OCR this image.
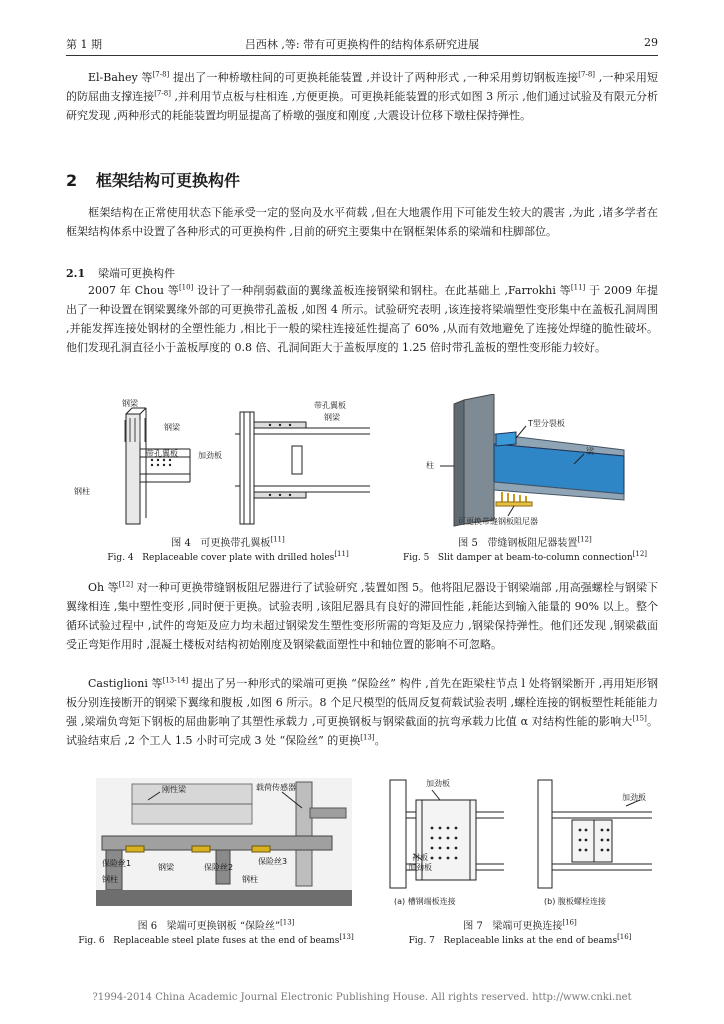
第 1 期	吕西林 ,等: 带有可更换构件的结构体系研究进展	29

El-Bahey 等[7-8] 提出了一种桥墩柱间的可更换耗能装置 ,并设计了两种形式 ,一种采用剪切钢板连接[7-8] ,一种采用短的防屈曲支撑连接[7-8] ,并利用节点板与柱相连 ,方便更换。可更换耗能装置的形式如图 3 所示 ,他们通过试验及有限元分析研究发现 ,两种形式的耗能装置均明显提高了桥墩的强度和刚度 ,大震设计位移下墩柱保持弹性。

2 框架结构可更换构件

框架结构在正常使用状态下能承受一定的竖向及水平荷载 ,但在大地震作用下可能发生较大的震害 ,为此 ,诸多学者在框架结构体系中设置了各种形式的可更换构件 ,目前的研究主要集中在钢框架体系的梁端和柱脚部位。

2.1 梁端可更换构件

2007 年 Chou 等[10] 设计了一种削弱截面的翼缘盖板连接钢梁和钢柱。在此基础上 ,Farrokhi 等[11] 于 2009 年提出了一种设置在钢梁翼缘外部的可更换带孔盖板 ,如图 4 所示。试验研究表明 ,该连接将梁端塑性变形集中在盖板孔洞周围 ,并能发挥连接处钢材的全塑性能力 ,相比于一般的梁柱连接延性提高了 60% ,从而有效地避免了连接处焊缝的脆性破坏。他们发现孔洞直径小于盖板厚度的 0.8 倍、孔洞间距大于盖板厚度的 1.25 倍时带孔盖板的塑性变形能力较好。

钢梁
钢梁
带孔翼板
钢柱
带孔翼板
钢梁
加劲板
T型分裂板
梁
柱
可更换带缝钢板阻尼器
图 4 可更换带孔翼板[11]
Fig. 4 Replaceable cover plate with drilled holes[11]
图 5 带缝钢板阻尼器装置[12]
Fig. 5 Slit damper at beam-to-column connection[12]

Oh 等[12] 对一种可更换带缝钢板阻尼器进行了试验研究 ,装置如图 5。他将阻尼器设于钢梁端部 ,用高强螺栓与钢梁下翼缘相连 ,集中塑性变形 ,同时便于更换。试验表明 ,该阻尼器具有良好的滞回性能 ,耗能达到输入能量的 90% 以上。整个循环试验过程中 ,试件的弯矩及应力均未超过钢梁发生塑性变形所需的弯矩及应力 ,钢梁保持弹性。他们还发现 ,钢梁截面受正弯矩作用时 ,混凝土楼板对结构初始刚度及钢梁截面塑性中和轴位置的影响不可忽略。

Castiglioni 等[13-14] 提出了另一种形式的梁端可更换 “保险丝” 构件 ,首先在距梁柱节点 l 处将钢梁断开 ,再用矩形钢板分别连接断开的钢梁下翼缘和腹板 ,如图 6 所示。8 个足尺模型的低周反复荷载试验表明 ,螺栓连接的钢板塑性耗能能力强 ,梁端负弯矩下钢板的屈曲影响了其塑性承载力 ,可更换钢板与钢梁截面的抗弯承载力比值 α 对结构性能的影响大[15]。试验结束后 ,2 个工人 1.5 小时可完成 3 处 “保险丝” 的更换[13]。

刚性梁	载荷传感器
保险丝1	钢梁	保险丝2
保险丝3
钢柱	钢柱
加劲板
衬板
加劲板
加劲板
(a) 槽钢端板连接	(b) 腹板螺栓连接
图 6 梁端可更换钢板 “保险丝”[13]
Fig. 6 Replaceable steel plate fuses at the end of beams[13]
图 7 梁端可更换连接[16]
Fig. 7 Replaceable links at the end of beams[16]
?1994-2014 China Academic Journal Electronic Publishing House. All rights reserved. http://www.cnki.net
